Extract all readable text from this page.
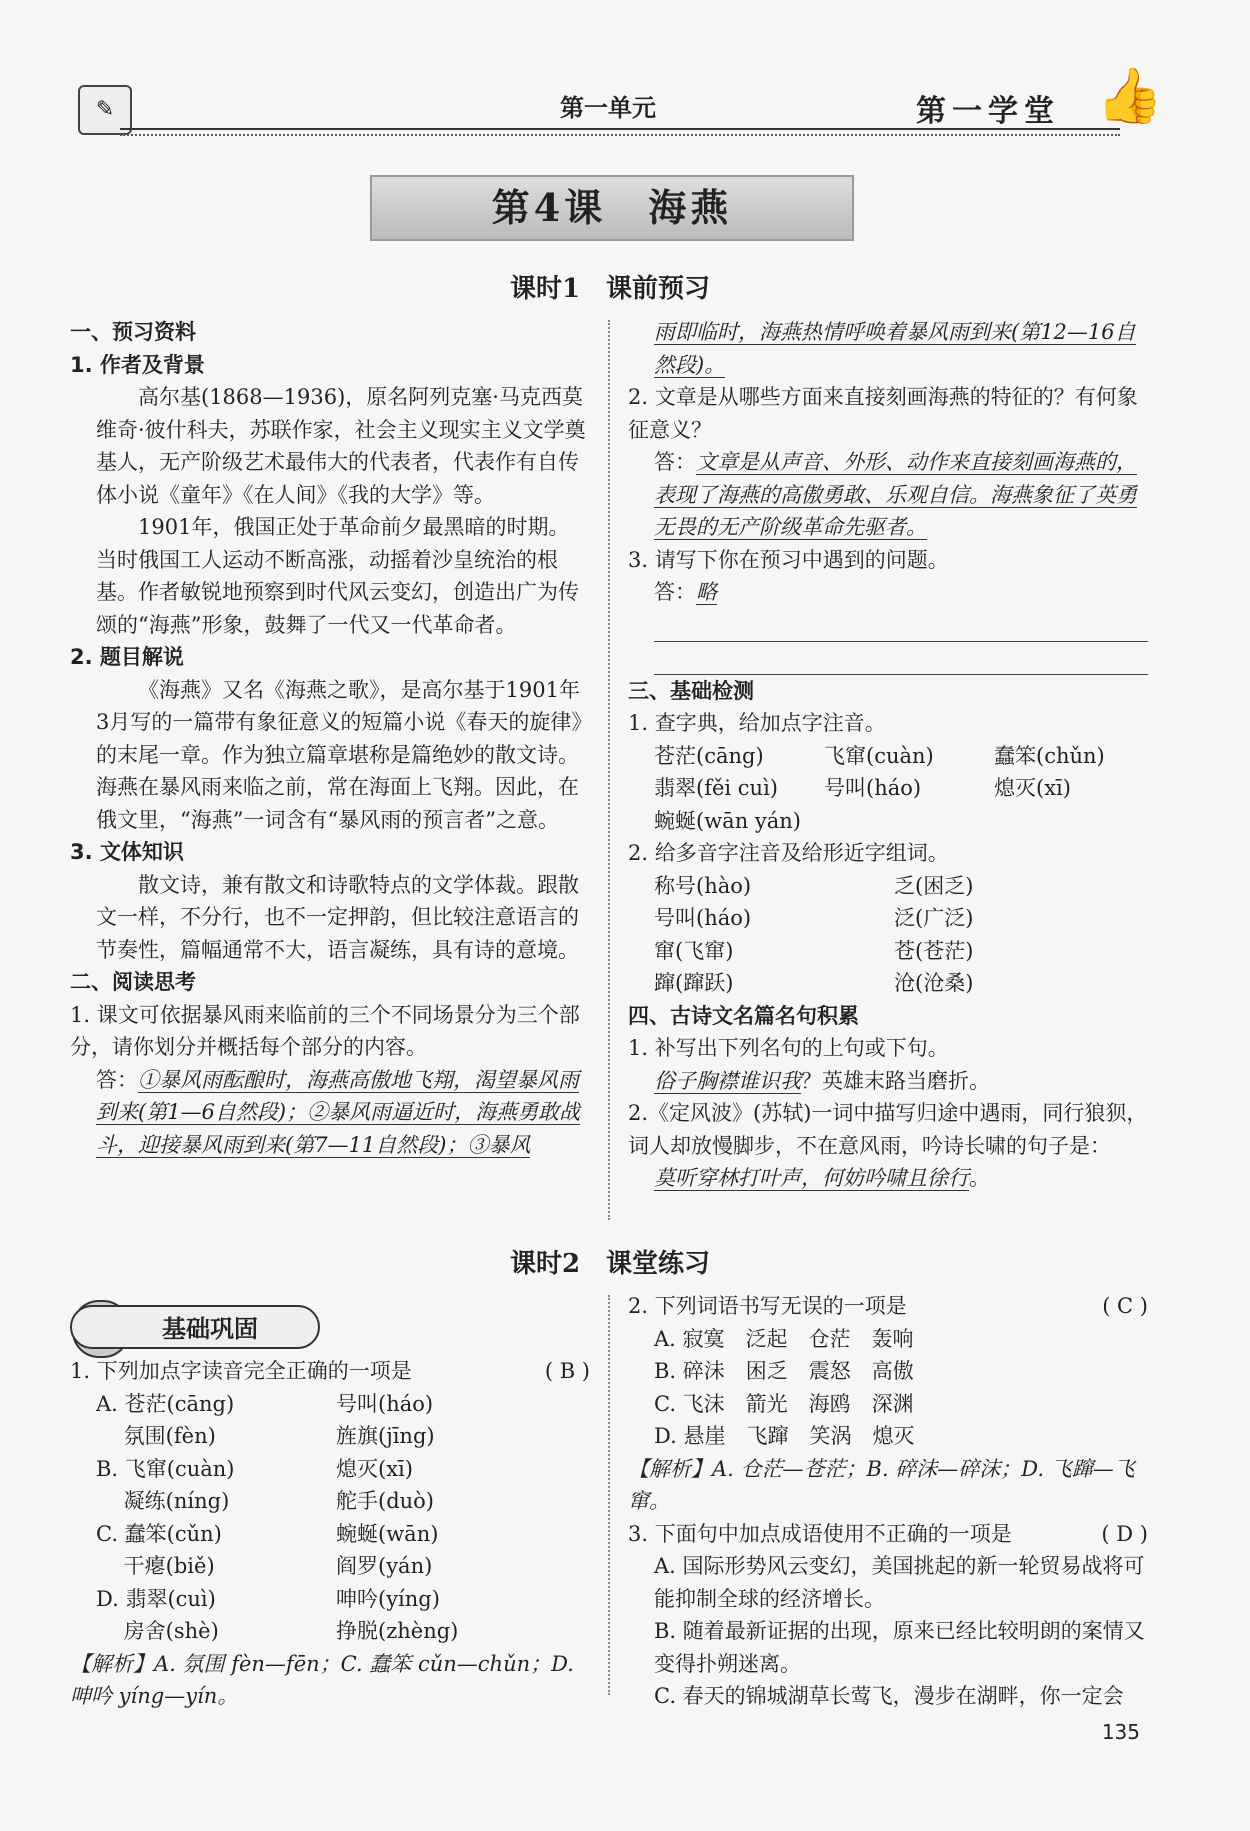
✎	第一单元	第一学堂 👍
第4课　海燕
课时1　课前预习

一、预习资料

1. 作者及背景

高尔基(1868—1936)，原名阿列克塞·马克西莫维奇·彼什科夫，苏联作家，社会主义现实主义文学奠基人，无产阶级艺术最伟大的代表者，代表作有自传体小说《童年》《在人间》《我的大学》等。

1901年，俄国正处于革命前夕最黑暗的时期。当时俄国工人运动不断高涨，动摇着沙皇统治的根基。作者敏锐地预察到时代风云变幻，创造出广为传颂的“海燕”形象，鼓舞了一代又一代革命者。

2. 题目解说

《海燕》又名《海燕之歌》，是高尔基于1901年3月写的一篇带有象征意义的短篇小说《春天的旋律》的末尾一章。作为独立篇章堪称是篇绝妙的散文诗。海燕在暴风雨来临之前，常在海面上飞翔。因此，在俄文里，“海燕”一词含有“暴风雨的预言者”之意。

3. 文体知识

散文诗，兼有散文和诗歌特点的文学体裁。跟散文一样，不分行，也不一定押韵，但比较注意语言的节奏性，篇幅通常不大，语言凝练，具有诗的意境。

二、阅读思考

1. 课文可依据暴风雨来临前的三个不同场景分为三个部分，请你划分并概括每个部分的内容。

答：①暴风雨酝酿时，海燕高傲地飞翔，渴望暴风雨到来(第1—6自然段)；②暴风雨逼近时，海燕勇敢战斗，迎接暴风雨到来(第7—11自然段)；③暴风

雨即临时，海燕热情呼唤着暴风雨到来(第12—16自然段)。

2. 文章是从哪些方面来直接刻画海燕的特征的？有何象征意义？

答：文章是从声音、外形、动作来直接刻画海燕的，表现了海燕的高傲勇敢、乐观自信。海燕象征了英勇无畏的无产阶级革命先驱者。

3. 请写下你在预习中遇到的问题。

答：略

三、基础检测

1. 查字典，给加点字注音。

苍茫(cāng)	飞窜(cuàn)	蠢笨(chǔn)
翡翠(fěi cuì)	号叫(háo)	熄灭(xī)
蜿蜒(wān yán)

2. 给多音字注音及给形近字组词。

称号(hào)	乏(困乏)
号叫(háo)	泛(广泛)
窜(飞窜)	苍(苍茫)
蹿(蹿跃)	沧(沧桑)

四、古诗文名篇名句积累

1. 补写出下列名句的上句或下句。

俗子胸襟谁识我？英雄末路当磨折。

2.《定风波》(苏轼)一词中描写归途中遇雨，同行狼狈，词人却放慢脚步，不在意风雨，吟诗长啸的句子是：

莫听穿林打叶声，何妨吟啸且徐行。

课时2　课堂练习
基础巩固

1. 下列加点字读音完全正确的一项是	( B )

A. 苍茫(cāng)	号叫(háo)
　 氛围(fèn)	旌旗(jīng)
B. 飞窜(cuàn)	熄灭(xī)
　 凝练(níng)	舵手(duò)
C. 蠢笨(cǔn)	蜿蜒(wān)
　 干瘪(biě)	阎罗(yán)
D. 翡翠(cuì)	呻吟(yíng)
　 房舍(shè)	挣脱(zhèng)

【解析】A. 氛围 fèn—fēn；C. 蠢笨 cǔn—chǔn；D. 呻吟 yíng—yín。

2. 下列词语书写无误的一项是	( C )

A. 寂寞　泛起　仓茫　轰响

B. 碎沬　困乏　震怒　高傲

C. 飞沫　箭光　海鸥　深渊

D. 悬崖　飞蹿　笑涡　熄灭

【解析】A. 仓茫—苍茫；B. 碎沬—碎沫；D. 飞蹿—飞窜。

3. 下面句中加点成语使用不正确的一项是	( D )

A. 国际形势风云变幻，美国挑起的新一轮贸易战将可能抑制全球的经济增长。

B. 随着最新证据的出现，原来已经比较明朗的案情又变得扑朔迷离。

C. 春天的锦城湖草长莺飞，漫步在湖畔，你一定会

135
